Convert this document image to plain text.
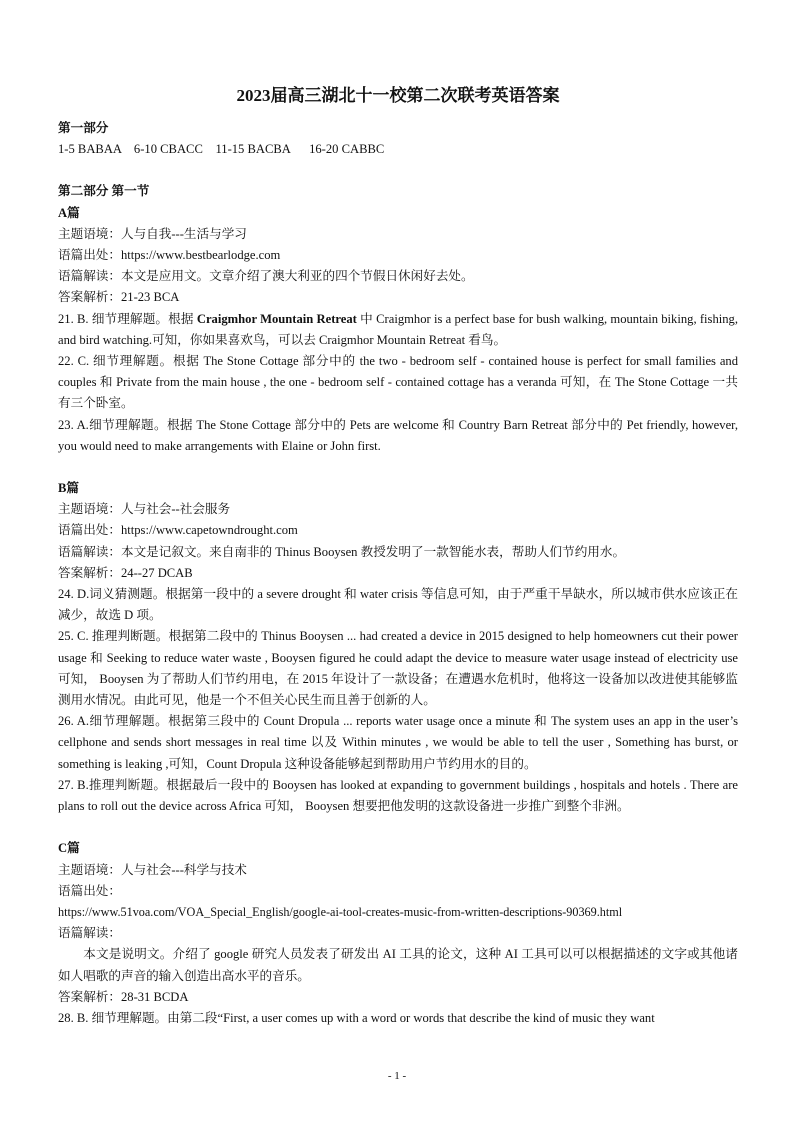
2023届高三湖北十一校第二次联考英语答案
第一部分
1-5 BABAA    6-10 CBACC    11-15 BACBA      16-20 CABBC
第二部分 第一节
A篇
主题语境：人与自我---生活与学习
语篇出处：https://www.bestbearlodge.com
语篇解读：本文是应用文。文章介绍了澳大利亚的四个节假日休闲好去处。
答案解析：21-23 BCA
21. B. 细节理解题。根据 Craigmhor Mountain Retreat 中 Craigmhor is a perfect base for bush walking, mountain biking, fishing, and bird watching.可知，你如果喜欢鸟，可以去 Craigmhor Mountain Retreat 看鸟。
22. C. 细节理解题。根据 The Stone Cottage 部分中的 the two - bedroom self - contained house is perfect for small families and couples 和 Private from the main house , the one - bedroom self - contained cottage has a veranda 可知，在 The Stone Cottage 一共有三个卧室。
23. A.细节理解题。根据 The Stone Cottage 部分中的 Pets are welcome 和 Country Barn Retreat 部分中的 Pet friendly, however, you would need to make arrangements with Elaine or John first.
B篇
主题语境：人与社会--社会服务
语篇出处：https://www.capetowndrought.com
语篇解读：本文是记叙文。来自南非的 Thinus Booysen 教授发明了一款智能水表，帮助人们节约用水。
答案解析：24--27 DCAB
24. D.词义猜测题。根据第一段中的 a severe drought 和 water crisis 等信息可知，由于严重干旱缺水，所以城市供水应该正在减少，故选 D 项。
25. C. 推理判断题。根据第二段中的 Thinus Booysen ... had created a device in 2015 designed to help homeowners cut their power usage 和 Seeking to reduce water waste , Booysen figured he could adapt the device to measure water usage instead of electricity use 可知， Booysen 为了帮助人们节约用电，在 2015 年设计了一款设备；在遭遇水危机时，他将这一设备加以改进使其能够监测用水情况。由此可见，他是一个不但关心民生而且善于创新的人。
26. A.细节理解题。根据第三段中的 Count Dropula ... reports water usage once a minute 和 The system uses an app in the user’s cellphone and sends short messages in real time 以及 Within minutes , we would be able to tell the user , Something has burst, or something is leaking ,可知，Count Dropula 这种设备能够起到帮助用户节约用水的目的。
27. B.推理判断题。根据最后一段中的 Booysen has looked at expanding to government buildings , hospitals and hotels . There are plans to roll out the device across Africa 可知， Booysen 想要把他发明的这款设备进一步推广到整个非洲。
C篇
主题语境：人与社会---科学与技术
语篇出处：
https://www.51voa.com/VOA_Special_English/google-ai-tool-creates-music-from-written-descriptions-90369.html
语篇解读：
本文是说明文。介绍了 google 研究人员发表了研发出 AI 工具的论文，这种 AI 工具可以可以根据描述的文字或其他诸如人唱歌的声音的输入创造出高水平的音乐。
答案解析：28-31 BCDA
28. B. 细节理解题。由第二段“First, a user comes up with a word or words that describe the kind of music they want
- 1 -
